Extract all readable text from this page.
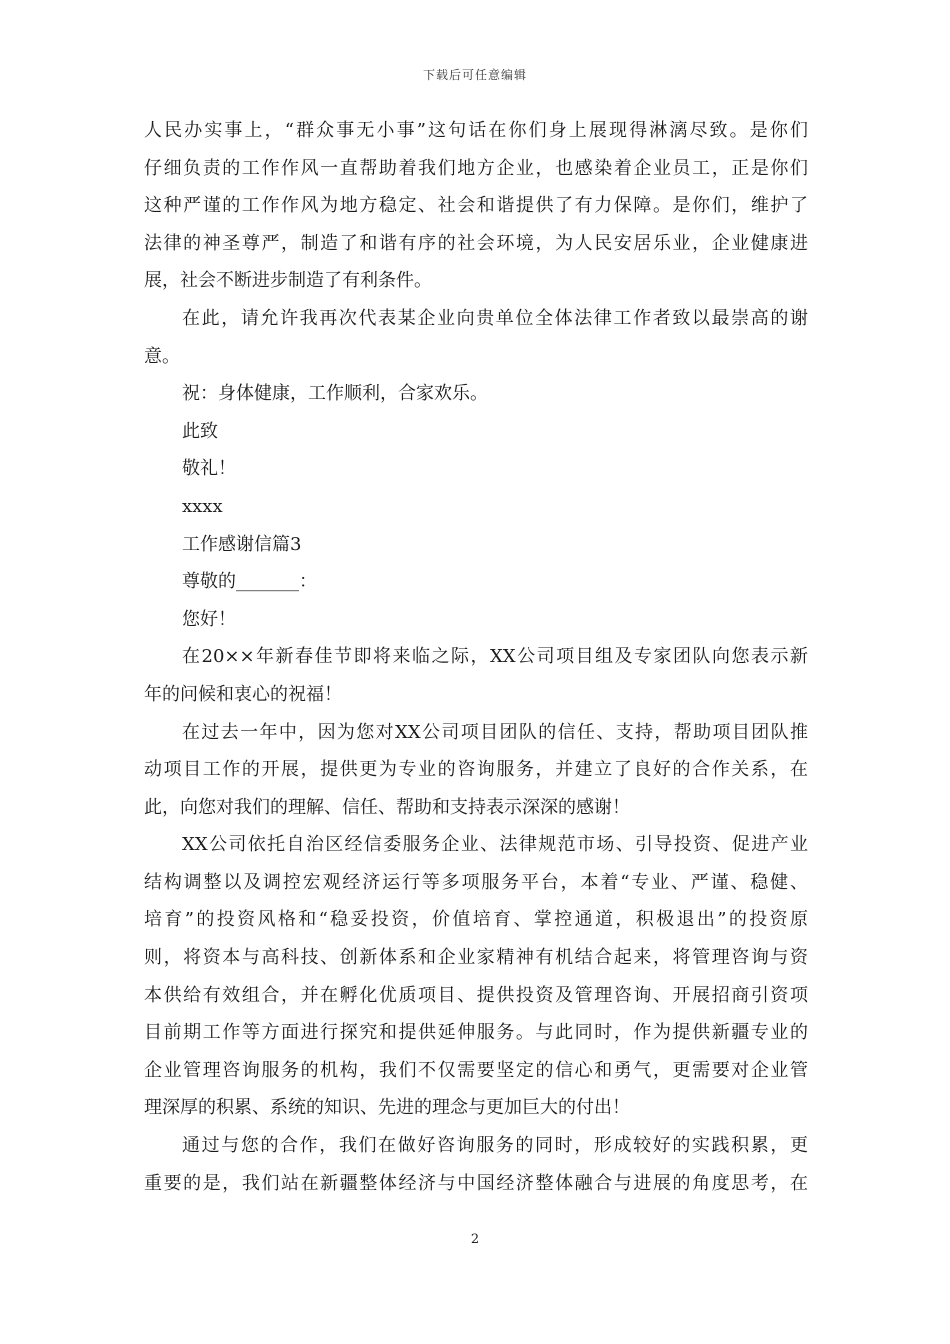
下载后可任意编辑
人民办实事上，“群众事无小事”这句话在你们身上展现得淋漓尽致。是你们
仔细负责的工作作风一直帮助着我们地方企业，也感染着企业员工，正是你们
这种严谨的工作作风为地方稳定、社会和谐提供了有力保障。是你们，维护了
法律的神圣尊严，制造了和谐有序的社会环境，为人民安居乐业，企业健康进
展，社会不断进步制造了有利条件。
在此，请允许我再次代表某企业向贵单位全体法律工作者致以最崇高的谢
意。
祝：身体健康，工作顺利，合家欢乐。
此致
敬礼！
xxxx
工作感谢信篇3
尊敬的_______：
您好！
在20××年新春佳节即将来临之际，XX公司项目组及专家团队向您表示新
年的问候和衷心的祝福！
在过去一年中，因为您对XX公司项目团队的信任、支持，帮助项目团队推
动项目工作的开展，提供更为专业的咨询服务，并建立了良好的合作关系，在
此，向您对我们的理解、信任、帮助和支持表示深深的感谢！
XX公司依托自治区经信委服务企业、法律规范市场、引导投资、促进产业
结构调整以及调控宏观经济运行等多项服务平台，本着“专业、严谨、稳健、
培育”的投资风格和“稳妥投资，价值培育、掌控通道，积极退出”的投资原
则，将资本与高科技、创新体系和企业家精神有机结合起来，将管理咨询与资
本供给有效组合，并在孵化优质项目、提供投资及管理咨询、开展招商引资项
目前期工作等方面进行探究和提供延伸服务。与此同时，作为提供新疆专业的
企业管理咨询服务的机构，我们不仅需要坚定的信心和勇气，更需要对企业管
理深厚的积累、系统的知识、先进的理念与更加巨大的付出！
通过与您的合作，我们在做好咨询服务的同时，形成较好的实践积累，更
重要的是，我们站在新疆整体经济与中国经济整体融合与进展的角度思考，在
2
